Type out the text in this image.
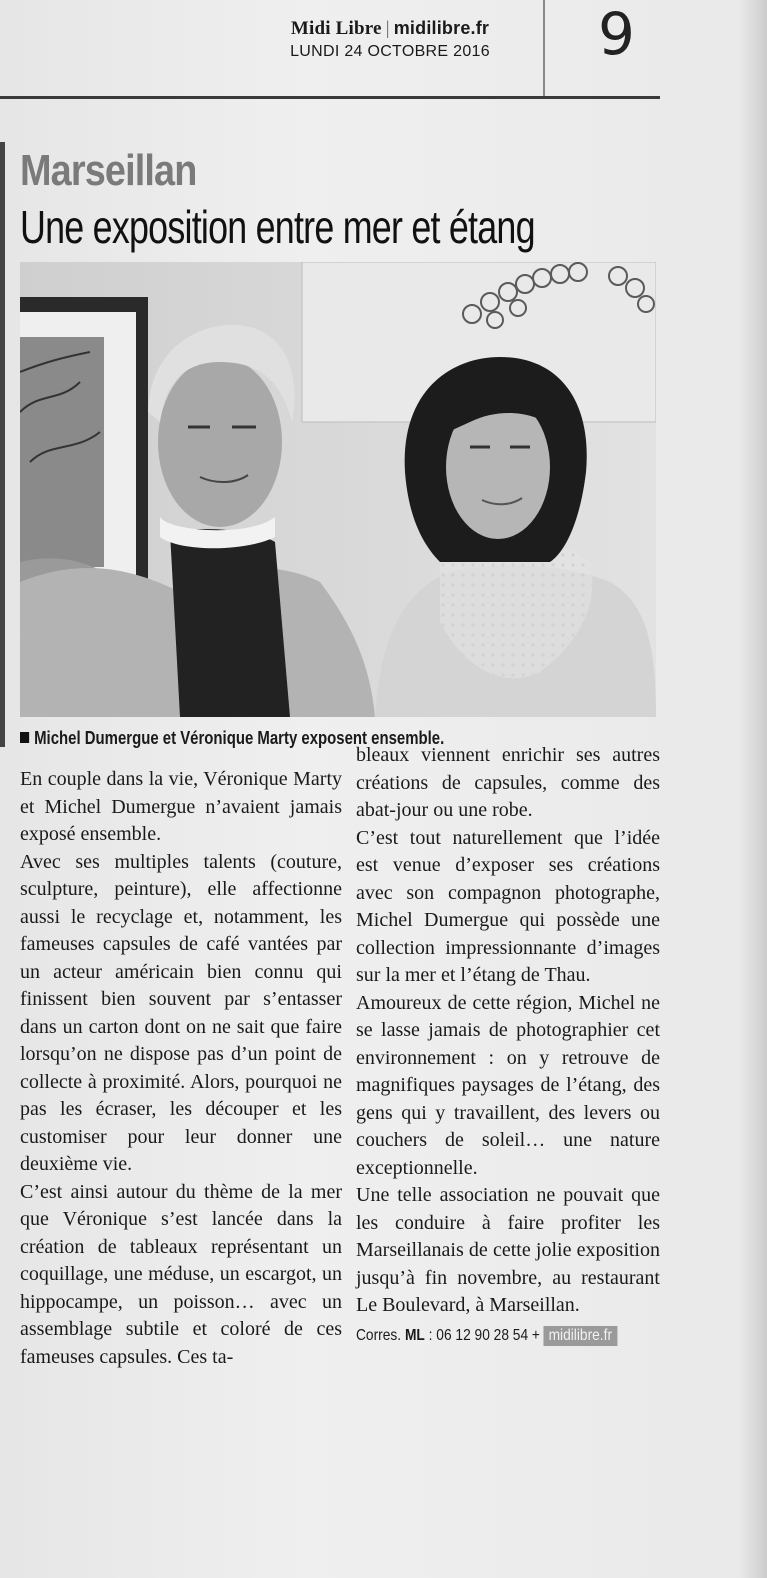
Midi Libre | midilibre.fr
LUNDI 24 OCTOBRE 2016	9
Marseillan
Une exposition entre mer et étang
Michel Dumergue et Véronique Marty exposent ensemble.

En couple dans la vie, Véronique Marty et Michel Dumergue n’avaient jamais exposé ensemble.

Avec ses multiples talents (couture, sculpture, peinture), elle affectionne aussi le recyclage et, notamment, les fameuses capsules de café vantées par un acteur américain bien connu qui finissent bien souvent par s’entasser dans un carton dont on ne sait que faire lorsqu’on ne dispose pas d’un point de collecte à proximité. Alors, pourquoi ne pas les écraser, les découper et les customiser pour leur donner une deuxième vie.

C’est ainsi autour du thème de la mer que Véronique s’est lancée dans la création de tableaux représentant un coquillage, une méduse, un escargot, un hippocampe, un poisson… avec un assemblage subtile et coloré de ces fameuses capsules. Ces ta-

bleaux viennent enrichir ses autres créations de capsules, comme des abat-jour ou une robe.

C’est tout naturellement que l’idée est venue d’exposer ses créations avec son compagnon photographe, Michel Dumergue qui possède une collection impressionnante d’images sur la mer et l’étang de Thau.

Amoureux de cette région, Michel ne se lasse jamais de photographier cet environnement : on y retrouve de magnifiques paysages de l’étang, des gens qui y travaillent, des levers ou couchers de soleil… une nature exceptionnelle.

Une telle association ne pouvait que les conduire à faire profiter les Marseillanais de cette jolie exposition jusqu’à fin novembre, au restaurant Le Boulevard, à Marseillan.

Corres. ML : 06 12 90 28 54 + midilibre.fr
